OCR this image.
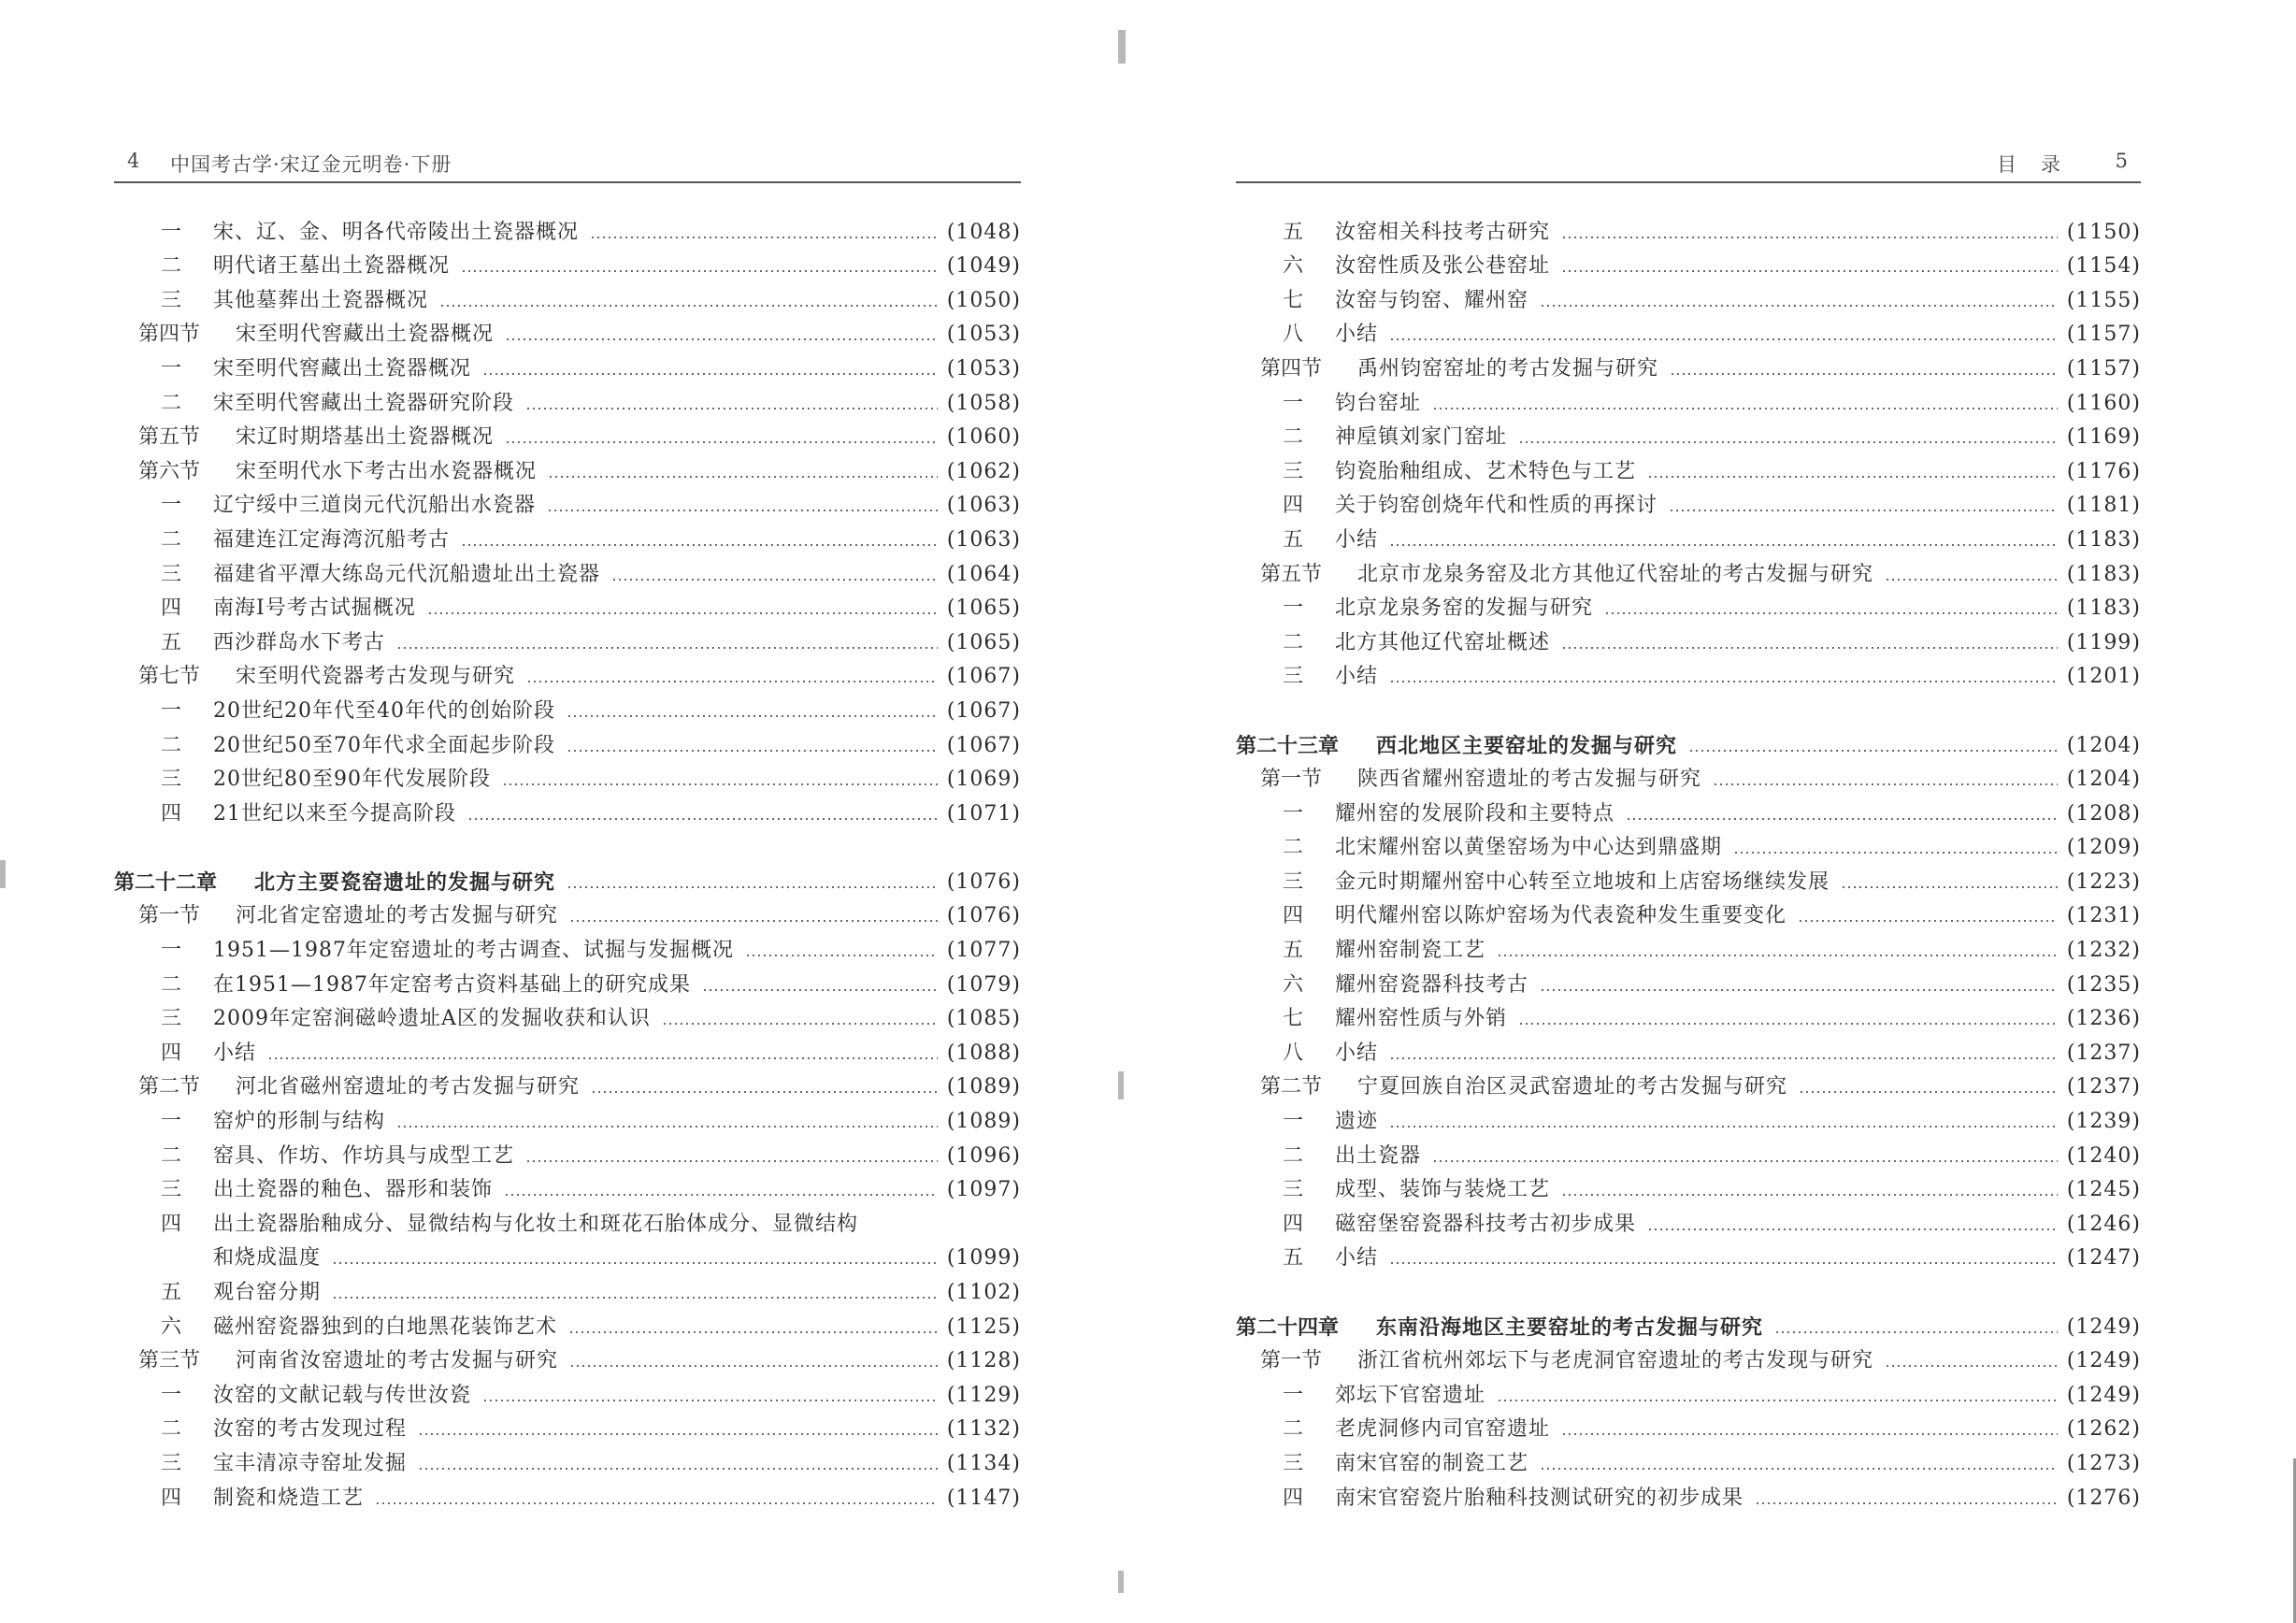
4 中国考古学·宋辽金元明卷·下册
一	宋、辽、金、明各代帝陵出土瓷器概况	(1048)
二	明代诸王墓出土瓷器概况	(1049)
三	其他墓葬出土瓷器概况	(1050)
第四节	宋至明代窖藏出土瓷器概况	(1053)
一	宋至明代窖藏出土瓷器概况	(1053)
二	宋至明代窖藏出土瓷器研究阶段	(1058)
第五节	宋辽时期塔基出土瓷器概况	(1060)
第六节	宋至明代水下考古出水瓷器概况	(1062)
一	辽宁绥中三道岗元代沉船出水瓷器	(1063)
二	福建连江定海湾沉船考古	(1063)
三	福建省平潭大练岛元代沉船遗址出土瓷器	(1064)
四	南海Ⅰ号考古试掘概况	(1065)
五	西沙群岛水下考古	(1065)
第七节	宋至明代瓷器考古发现与研究	(1067)
一	20世纪20年代至40年代的创始阶段	(1067)
二	20世纪50至70年代求全面起步阶段	(1067)
三	20世纪80至90年代发展阶段	(1069)
四	21世纪以来至今提高阶段	(1071)
第二十二章	北方主要瓷窑遗址的发掘与研究	(1076)
第一节	河北省定窑遗址的考古发掘与研究	(1076)
一	1951—1987年定窑遗址的考古调查、试掘与发掘概况	(1077)
二	在1951—1987年定窑考古资料基础上的研究成果	(1079)
三	2009年定窑涧磁岭遗址A区的发掘收获和认识	(1085)
四	小结	(1088)
第二节	河北省磁州窑遗址的考古发掘与研究	(1089)
一	窑炉的形制与结构	(1089)
二	窑具、作坊、作坊具与成型工艺	(1096)
三	出土瓷器的釉色、器形和装饰	(1097)
四	出土瓷器胎釉成分、显微结构与化妆土和斑花石胎体成分、显微结构
和烧成温度	(1099)
五	观台窑分期	(1102)
六	磁州窑瓷器独到的白地黑花装饰艺术	(1125)
第三节	河南省汝窑遗址的考古发掘与研究	(1128)
一	汝窑的文献记载与传世汝瓷	(1129)
二	汝窑的考古发现过程	(1132)
三	宝丰清凉寺窑址发掘	(1134)
四	制瓷和烧造工艺	(1147)
目录 5
五	汝窑相关科技考古研究	(1150)
六	汝窑性质及张公巷窑址	(1154)
七	汝窑与钧窑、耀州窑	(1155)
八	小结	(1157)
第四节	禹州钧窑窑址的考古发掘与研究	(1157)
一	钧台窑址	(1160)
二	神垕镇刘家门窑址	(1169)
三	钧瓷胎釉组成、艺术特色与工艺	(1176)
四	关于钧窑创烧年代和性质的再探讨	(1181)
五	小结	(1183)
第五节	北京市龙泉务窑及北方其他辽代窑址的考古发掘与研究	(1183)
一	北京龙泉务窑的发掘与研究	(1183)
二	北方其他辽代窑址概述	(1199)
三	小结	(1201)
第二十三章	西北地区主要窑址的发掘与研究	(1204)
第一节	陕西省耀州窑遗址的考古发掘与研究	(1204)
一	耀州窑的发展阶段和主要特点	(1208)
二	北宋耀州窑以黄堡窑场为中心达到鼎盛期	(1209)
三	金元时期耀州窑中心转至立地坡和上店窑场继续发展	(1223)
四	明代耀州窑以陈炉窑场为代表瓷种发生重要变化	(1231)
五	耀州窑制瓷工艺	(1232)
六	耀州窑瓷器科技考古	(1235)
七	耀州窑性质与外销	(1236)
八	小结	(1237)
第二节	宁夏回族自治区灵武窑遗址的考古发掘与研究	(1237)
一	遗迹	(1239)
二	出土瓷器	(1240)
三	成型、装饰与装烧工艺	(1245)
四	磁窑堡窑瓷器科技考古初步成果	(1246)
五	小结	(1247)
第二十四章	东南沿海地区主要窑址的考古发掘与研究	(1249)
第一节	浙江省杭州郊坛下与老虎洞官窑遗址的考古发现与研究	(1249)
一	郊坛下官窑遗址	(1249)
二	老虎洞修内司官窑遗址	(1262)
三	南宋官窑的制瓷工艺	(1273)
四	南宋官窑瓷片胎釉科技测试研究的初步成果	(1276)
